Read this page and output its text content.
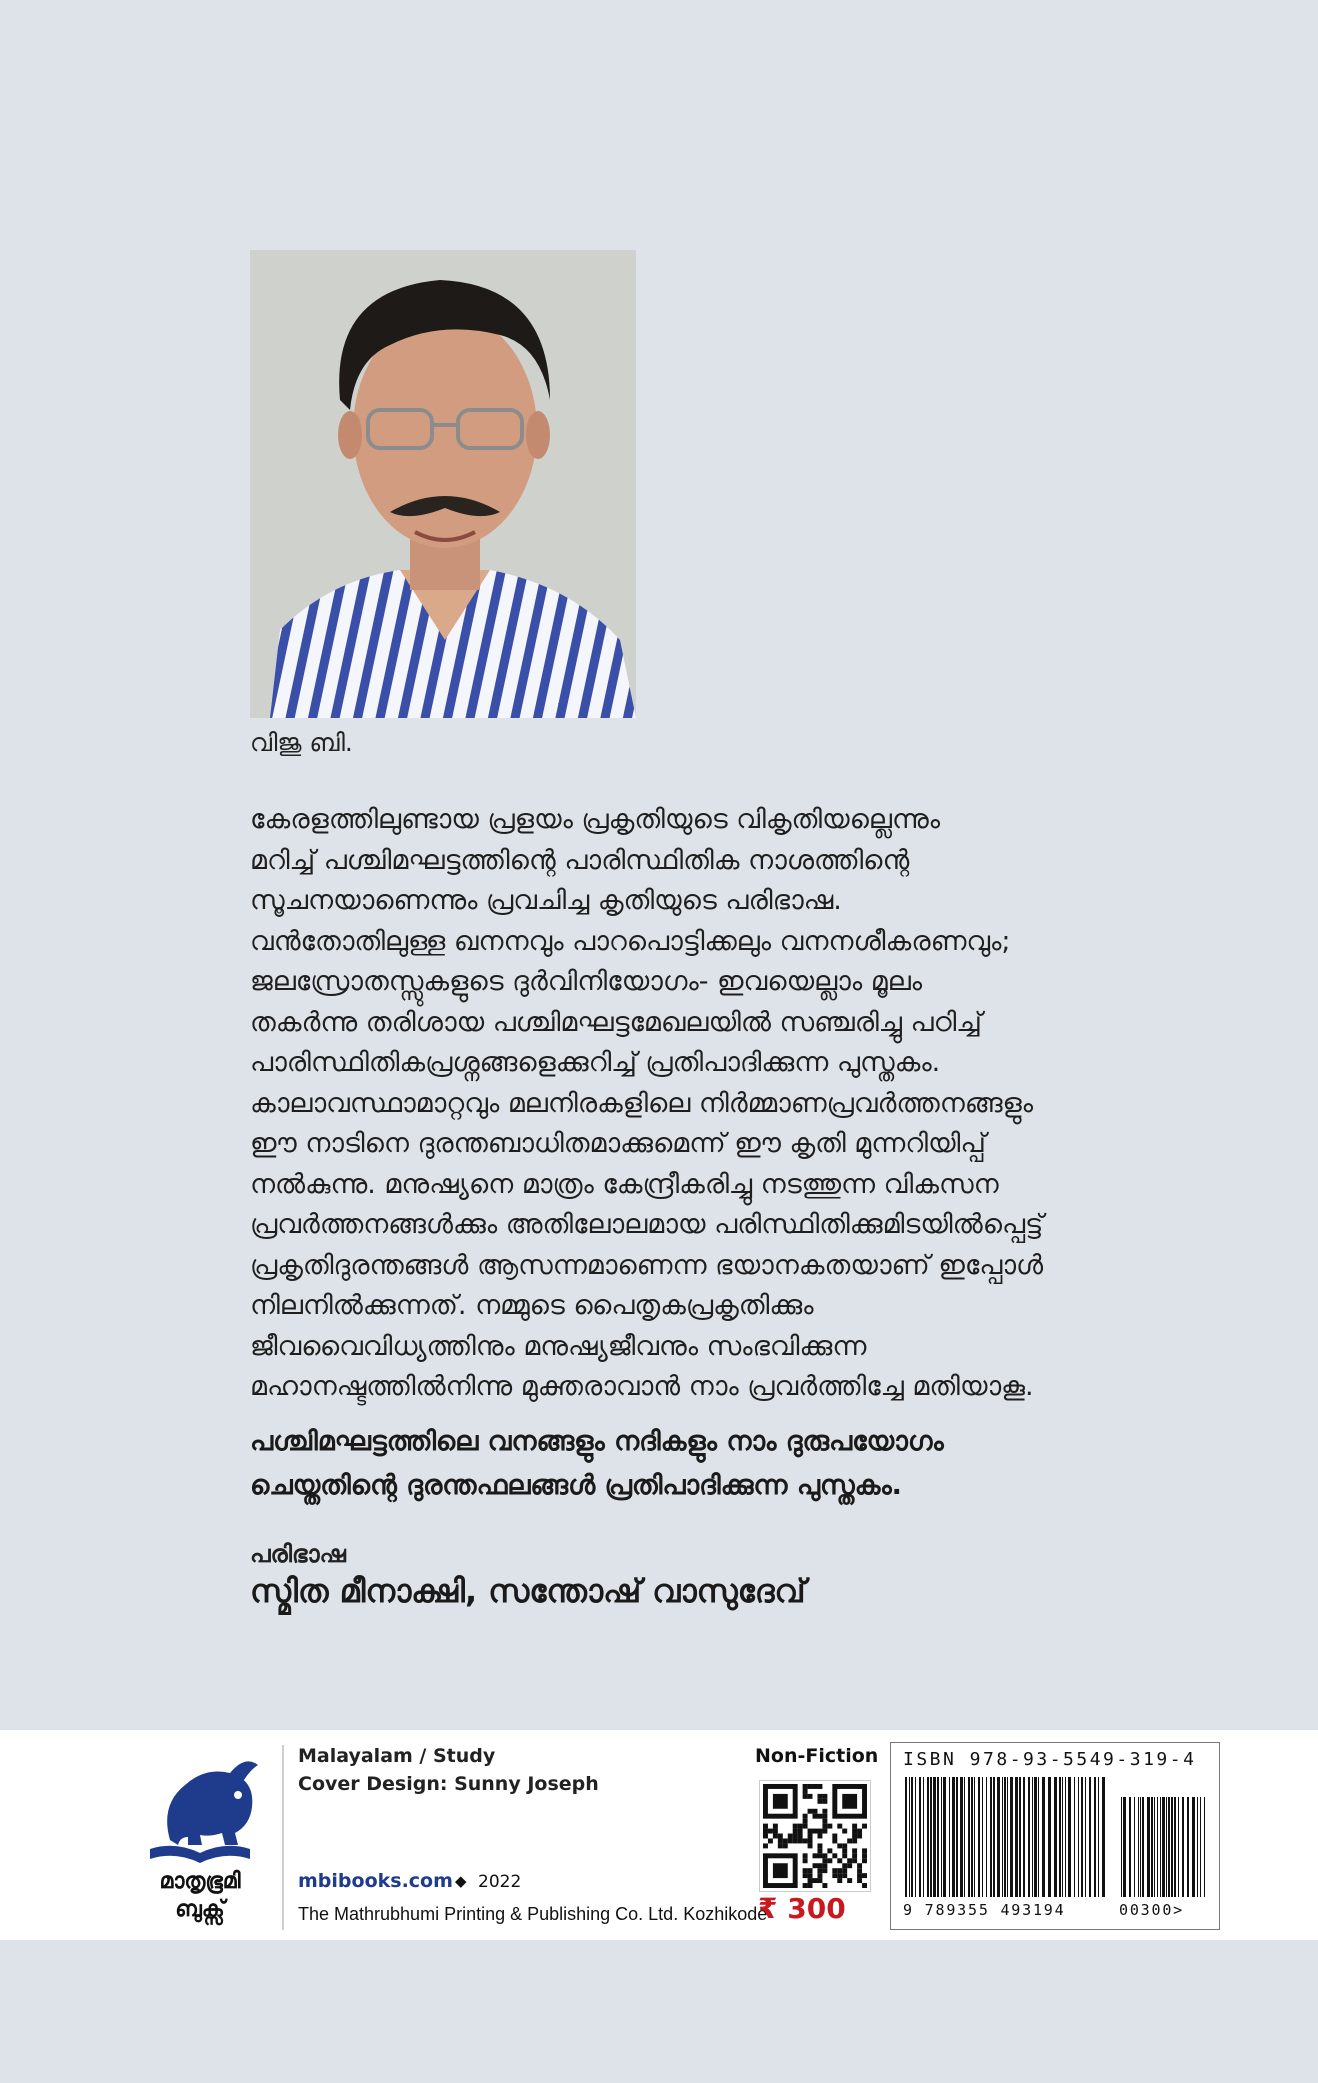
വിജു ബി.
കേരളത്തിലുണ്ടായ പ്രളയം പ്രകൃതിയുടെ വികൃതിയല്ലെന്നും
മറിച്ച് പശ്ചിമഘട്ടത്തിന്റെ പാരിസ്ഥിതിക നാശത്തിന്റെ
സൂചനയാണെന്നും പ്രവചിച്ച കൃതിയുടെ പരിഭാഷ.
വൻതോതിലുള്ള ഖനനവും പാറപൊട്ടിക്കലും വനനശീകരണവും;
ജലസ്രോതസ്സുകളുടെ ദുർവിനിയോഗം- ഇവയെല്ലാം മൂലം
തകർന്നു തരിശായ പശ്ചിമഘട്ടമേഖലയിൽ സഞ്ചരിച്ചു പഠിച്ച്
പാരിസ്ഥിതികപ്രശ്നങ്ങളെക്കുറിച്ച് പ്രതിപാദിക്കുന്ന പുസ്തകം.
കാലാവസ്ഥാമാറ്റവും മലനിരകളിലെ നിർമ്മാണപ്രവർത്തനങ്ങളും
ഈ നാടിനെ ദുരന്തബാധിതമാക്കുമെന്ന് ഈ കൃതി മുന്നറിയിപ്പ്
നൽകുന്നു. മനുഷ്യനെ മാത്രം കേന്ദ്രീകരിച്ചു നടത്തുന്ന വികസന
പ്രവർത്തനങ്ങൾക്കും അതിലോലമായ പരിസ്ഥിതിക്കുമിടയിൽപ്പെട്ട്
പ്രകൃതിദുരന്തങ്ങൾ ആസന്നമാണെന്ന ഭയാനകതയാണ് ഇപ്പോൾ
നിലനിൽക്കുന്നത്. നമ്മുടെ പൈതൃകപ്രകൃതിക്കും
ജീവവൈവിധ്യത്തിനും മനുഷ്യജീവനും സംഭവിക്കുന്ന
മഹാനഷ്ടത്തിൽനിന്നു മുക്തരാവാൻ നാം പ്രവർത്തിച്ചേ മതിയാകൂ.
പശ്ചിമഘട്ടത്തിലെ വനങ്ങളും നദികളും നാം ദുരുപയോഗം
ചെയ്തതിന്റെ ദുരന്തഫലങ്ങൾ പ്രതിപാദിക്കുന്ന പുസ്തകം.
പരിഭാഷ
സ്മിത മീനാക്ഷി, സന്തോഷ് വാസുദേവ്
മാതൃഭൂമി
ബുക്സ്
Malayalam / Study
Cover Design: Sunny Joseph
mbibooks.com ◆ 2022
The Mathrubhumi Printing & Publishing Co. Ltd. Kozhikode
Non-Fiction
₹ 300
ISBN 978-93-5549-319-4
9 789355 493194	00300>
